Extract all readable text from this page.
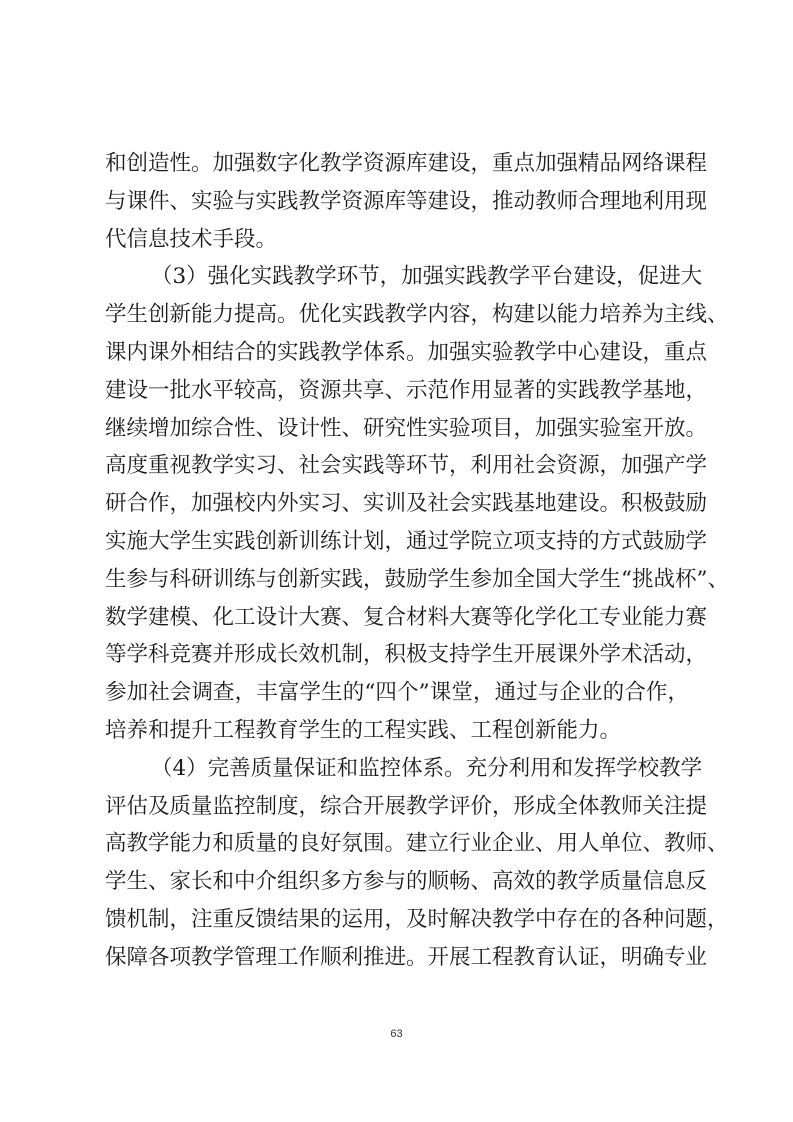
和创造性。加强数字化教学资源库建设，重点加强精品网络课程
与课件、实验与实践教学资源库等建设，推动教师合理地利用现
代信息技术手段。
（3）强化实践教学环节，加强实践教学平台建设，促进大
学生创新能力提高。优化实践教学内容，构建以能力培养为主线、
课内课外相结合的实践教学体系。加强实验教学中心建设，重点
建设一批水平较高，资源共享、示范作用显著的实践教学基地，
继续增加综合性、设计性、研究性实验项目，加强实验室开放。
高度重视教学实习、社会实践等环节，利用社会资源，加强产学
研合作，加强校内外实习、实训及社会实践基地建设。积极鼓励
实施大学生实践创新训练计划，通过学院立项支持的方式鼓励学
生参与科研训练与创新实践，鼓励学生参加全国大学生“挑战杯”、
数学建模、化工设计大赛、复合材料大赛等化学化工专业能力赛
等学科竞赛并形成长效机制，积极支持学生开展课外学术活动，
参加社会调查，丰富学生的“四个”课堂，通过与企业的合作，
培养和提升工程教育学生的工程实践、工程创新能力。
（4）完善质量保证和监控体系。充分利用和发挥学校教学
评估及质量监控制度，综合开展教学评价，形成全体教师关注提
高教学能力和质量的良好氛围。建立行业企业、用人单位、教师、
学生、家长和中介组织多方参与的顺畅、高效的教学质量信息反
馈机制，注重反馈结果的运用，及时解决教学中存在的各种问题，
保障各项教学管理工作顺利推进。开展工程教育认证，明确专业
63
